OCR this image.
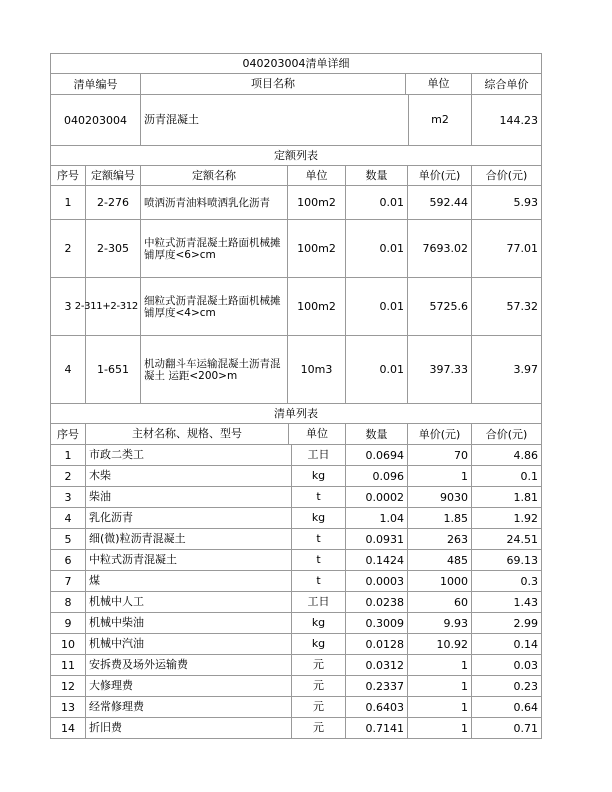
040203004清单详细						
清单编号		项目名称 单位				综合单价
040203004		沥青混凝土 m2				144.23
定额列表						
序号	定额编号	定额名称	单位	数量	单价(元)	合价(元)
1	2-276	喷洒沥青油料喷洒乳化沥青	100m2	0.01	592.44	5.93
2	2-305	中粒式沥青混凝土路面机械摊铺厚度<6>cm	100m2	0.01	7693.02	77.01
3	2-311+2-312	细粒式沥青混凝土路面机械摊铺厚度<4>cm	100m2	0.01	5725.6	57.32
4	1-651	机动翻斗车运输混凝土沥青混凝土 运距<200>m	10m3	0.01	397.33	3.97
清单列表						
序号	主材名称、规格、型号 单位			数量	单价(元)	合价(元)
1	市政二类工 工日			0.0694	70	4.86
2	木柴 kg			0.096	1	0.1
3	柴油 t			0.0002	9030	1.81
4	乳化沥青 kg			1.04	1.85	1.92
5	细(微)粒沥青混凝土 t			0.0931	263	24.51
6	中粒式沥青混凝土 t			0.1424	485	69.13
7	煤 t			0.0003	1000	0.3
8	机械中人工 工日			0.0238	60	1.43
9	机械中柴油 kg			0.3009	9.93	2.99
10	机械中汽油 kg			0.0128	10.92	0.14
11	安拆费及场外运输费 元			0.0312	1	0.03
12	大修理费 元			0.2337	1	0.23
13	经常修理费 元			0.6403	1	0.64
14	折旧费 元			0.7141	1	0.71
